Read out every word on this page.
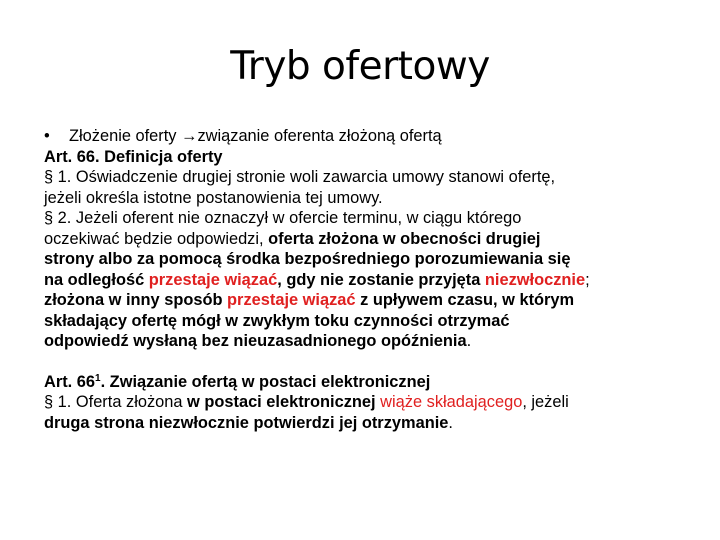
Tryb ofertowy
• Złożenie oferty →związanie oferenta złożoną ofertą
Art. 66. Definicja oferty
§ 1. Oświadczenie drugiej stronie woli zawarcia umowy stanowi ofertę,
jeżeli określa istotne postanowienia tej umowy.
§ 2. Jeżeli oferent nie oznaczył w ofercie terminu, w ciągu którego
oczekiwać będzie odpowiedzi, oferta złożona w obecności drugiej
strony albo za pomocą środka bezpośredniego porozumiewania się
na odległość przestaje wiązać, gdy nie zostanie przyjęta niezwłocznie;
złożona w inny sposób przestaje wiązać z upływem czasu, w którym
składający ofertę mógł w zwykłym toku czynności otrzymać
odpowiedź wysłaną bez nieuzasadnionego opóźnienia.
Art. $66^1$. Związanie ofertą w postaci elektronicznej
§ 1. Oferta złożona w postaci elektronicznej wiąże składającego, jeżeli
druga strona niezwłocznie potwierdzi jej otrzymanie.
